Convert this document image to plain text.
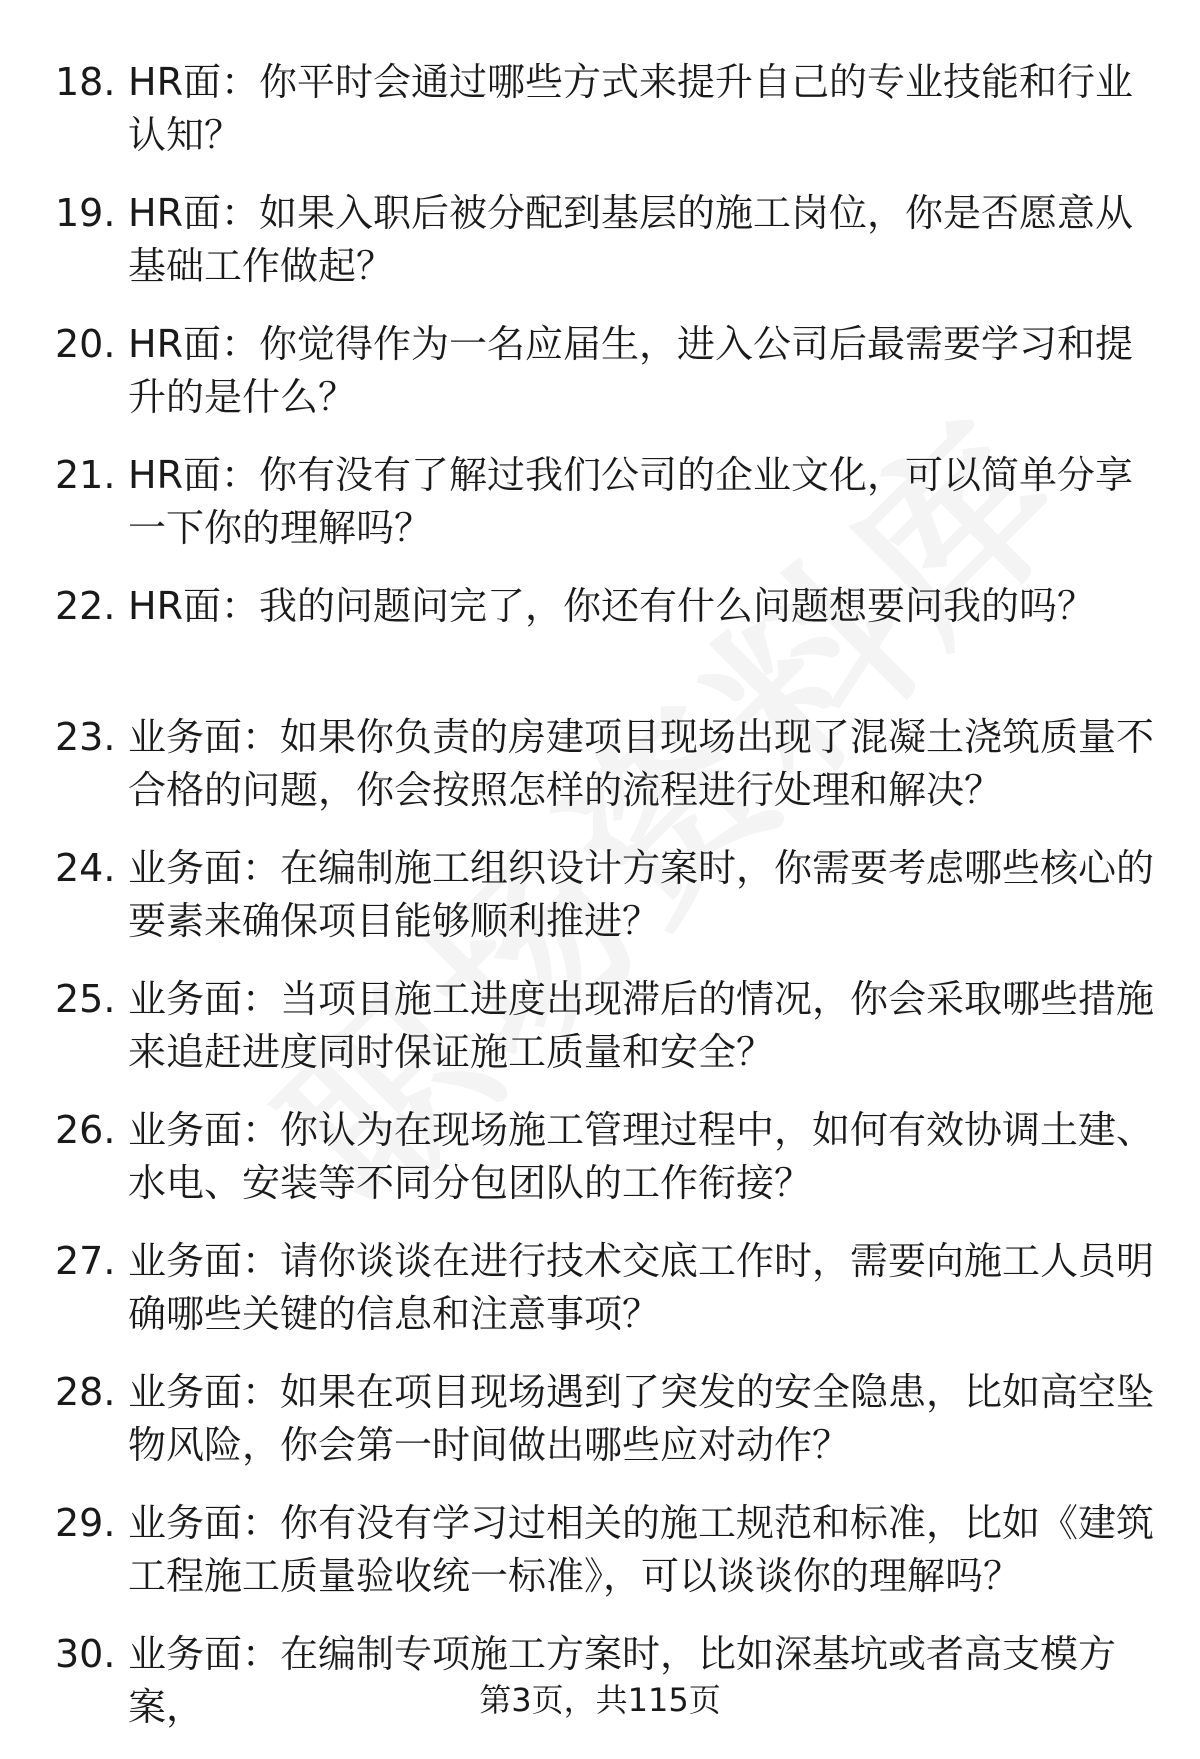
18. HR面：你平时会通过哪些方式来提升自己的专业技能和行业认知？
19. HR面：如果入职后被分配到基层的施工岗位，你是否愿意从基础工作做起？
20. HR面：你觉得作为一名应届生，进入公司后最需要学习和提升的是什么？
21. HR面：你有没有了解过我们公司的企业文化，可以简单分享一下你的理解吗？
22. HR面：我的问题问完了，你还有什么问题想要问我的吗？
23. 业务面：如果你负责的房建项目现场出现了混凝土浇筑质量不合格的问题，你会按照怎样的流程进行处理和解决？
24. 业务面：在编制施工组织设计方案时，你需要考虑哪些核心的要素来确保项目能够顺利推进？
25. 业务面：当项目施工进度出现滞后的情况，你会采取哪些措施来追赶进度同时保证施工质量和安全？
26. 业务面：你认为在现场施工管理过程中，如何有效协调土建、水电、安装等不同分包团队的工作衔接？
27. 业务面：请你谈谈在进行技术交底工作时，需要向施工人员明确哪些关键的信息和注意事项？
28. 业务面：如果在项目现场遇到了突发的安全隐患，比如高空坠物风险，你会第一时间做出哪些应对动作？
29. 业务面：你有没有学习过相关的施工规范和标准，比如《建筑工程施工质量验收统一标准》，可以谈谈你的理解吗？
30. 业务面：在编制专项施工方案时，比如深基坑或者高支模方案，	第3页，共115页
